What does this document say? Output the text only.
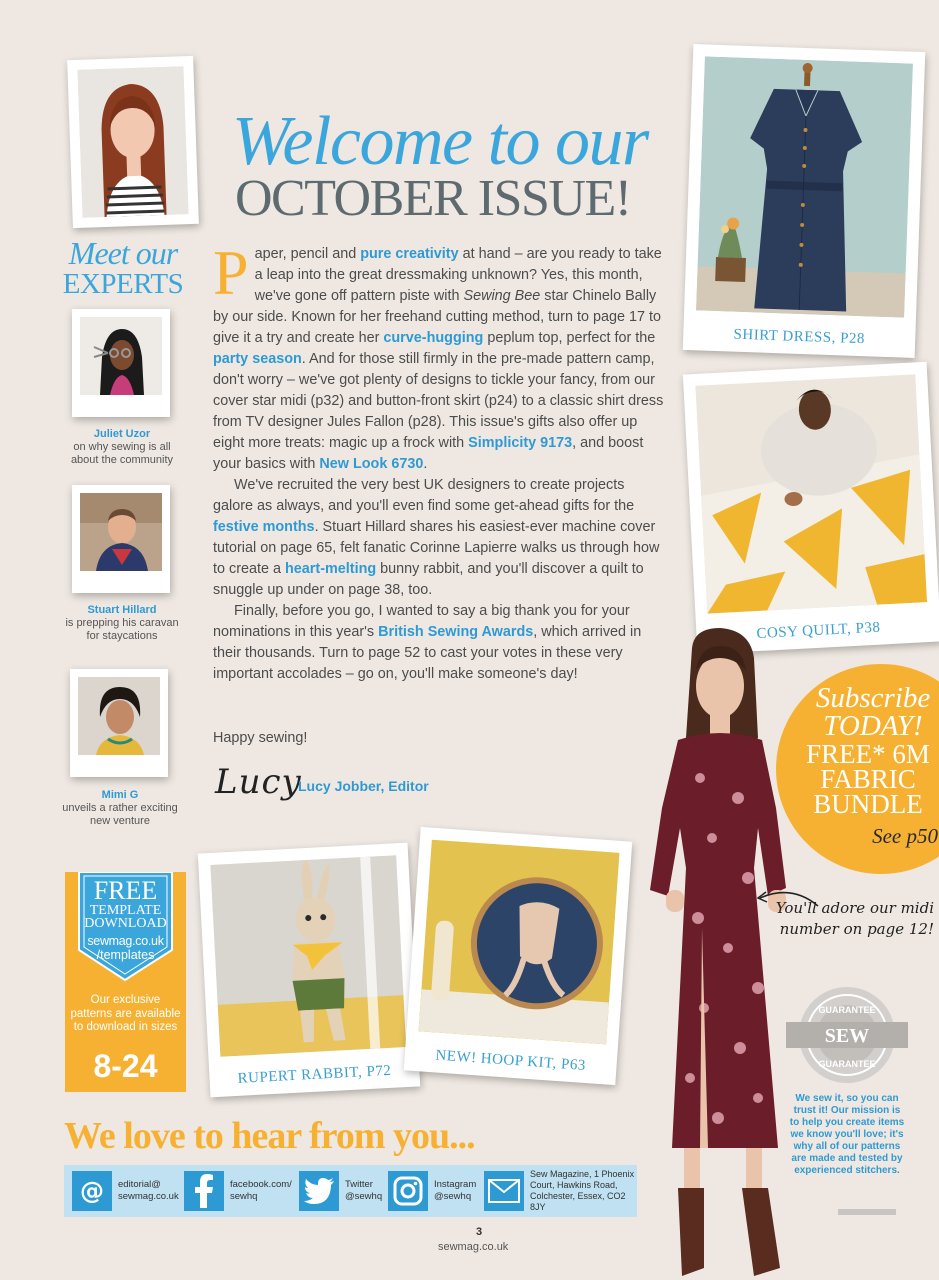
Welcome to our
OCTOBER ISSUE!
P aper, pencil and pure creativity at hand – are you ready to take a leap into the great dressmaking unknown? Yes, this month, we've gone off pattern piste with Sewing Bee star Chinelo Bally by our side. Known for her freehand cutting method, turn to page 17 to give it a try and create her curve-hugging peplum top, perfect for the party season. And for those still firmly in the pre-made pattern camp, don't worry – we've got plenty of designs to tickle your fancy, from our cover star midi (p32) and button-front skirt (p24) to a classic shirt dress from TV designer Jules Fallon (p28). This issue's gifts also offer up eight more treats: magic up a frock with Simplicity 9173, and boost your basics with New Look 6730.

We've recruited the very best UK designers to create projects galore as always, and you'll even find some get-ahead gifts for the festive months. Stuart Hillard shares his easiest-ever machine cover tutorial on page 65, felt fanatic Corinne Lapierre walks us through how to create a heart-melting bunny rabbit, and you'll discover a quilt to snuggle up under on page 38, too.

Finally, before you go, I wanted to say a big thank you for your nominations in this year's British Sewing Awards, which arrived in their thousands. Turn to page 52 to cast your votes in these very important accolades – go on, you'll make someone's day!

Happy sewing!
Lucy
Lucy Jobber, Editor
Meet our
EXPERTS
Juliet Uzor
on why sewing is all about the community
Stuart Hillard
is prepping his caravan for staycations
Mimi G
unveils a rather exciting new venture
FREE
TEMPLATE
DOWNLOAD
sewmag.co.uk
/templates
Our exclusive patterns are available to download in sizes
8-24
SHIRT DRESS, P28
COSY QUILT, P38
RUPERT RABBIT, P72
NEW! HOOP KIT, P63
Subscribe
TODAY!
FREE* 6M FABRIC BUNDLE
See p50
You'll adore our midi number on page 12!
GUARANTEE
SEW
GUARANTEE
We sew it, so you can trust it! Our mission is to help you create items we know you'll love; it's why all of our patterns are made and tested by experienced stitchers.
We love to hear from you...
@ editorial@
sewmag.co.uk
facebook.com/
sewhq
Twitter
@sewhq
Instagram
@sewhq
Sew Magazine, 1 Phoenix Court, Hawkins Road, Colchester, Essex, CO2 8JY
3
sewmag.co.uk
